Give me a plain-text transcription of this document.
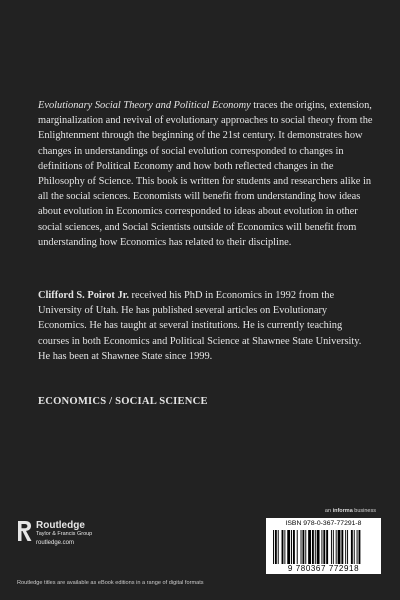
Evolutionary Social Theory and Political Economy traces the origins, extension, marginalization and revival of evolutionary approaches to social theory from the Enlightenment through the beginning of the 21st century. It demonstrates how changes in understandings of social evolution corresponded to changes in definitions of Political Economy and how both reflected changes in the Philosophy of Science. This book is written for students and researchers alike in all the social sciences. Economists will benefit from understanding how ideas about evolution in Economics corresponded to ideas about evolution in other social sciences, and Social Scientists outside of Economics will benefit from understanding how Economics has related to their discipline.
Clifford S. Poirot Jr. received his PhD in Economics in 1992 from the University of Utah. He has published several articles on Evolutionary Economics. He has taught at several institutions. He is currently teaching courses in both Economics and Political Science at Shawnee State University. He has been at Shawnee State since 1999.
ECONOMICS / SOCIAL SCIENCE
an informa business
Routledge
Taylor & Francis Group
routledge.com
ISBN 978-0-367-77291-8
9 780367 772918
Routledge titles are available as eBook editions in a range of digital formats
